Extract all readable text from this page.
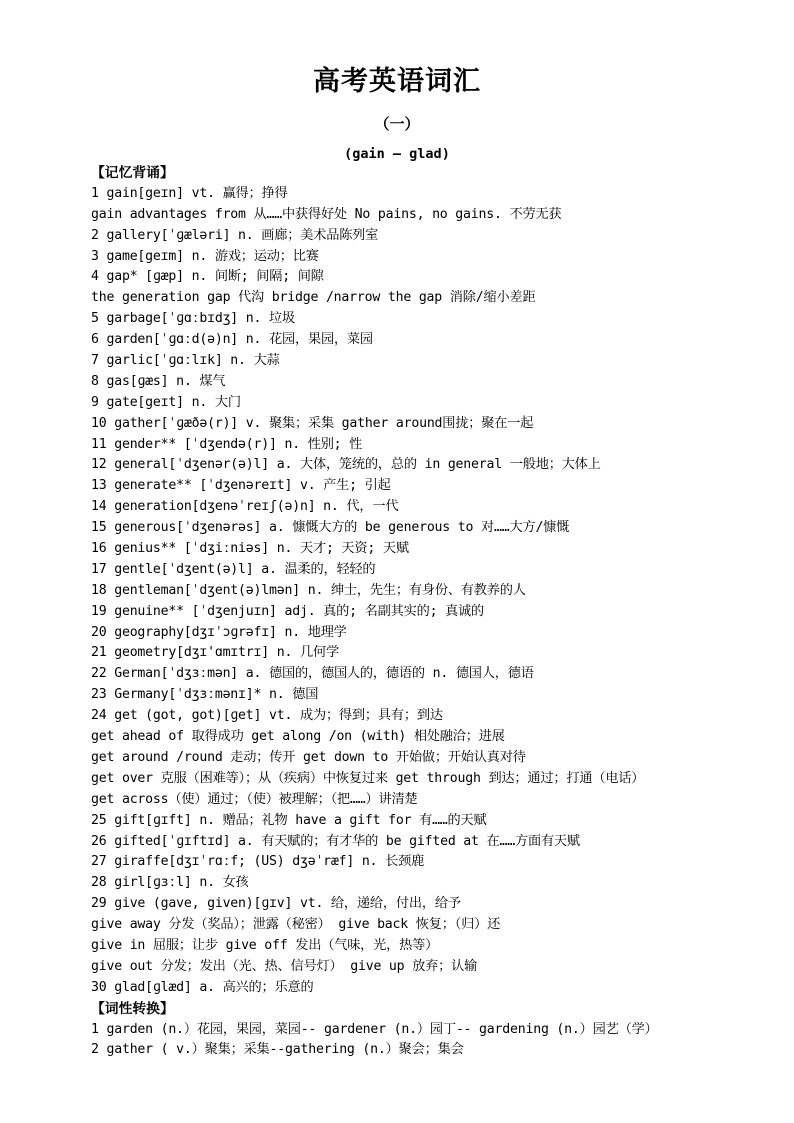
高考英语词汇
（一）
(gain — glad)
【记忆背诵】
1 gain[geɪn] vt. 赢得；挣得
gain advantages from 从……中获得好处 No pains, no gains. 不劳无获
2 gallery[ˈɡæləri] n. 画廊；美术品陈列室
3 game[geɪm] n. 游戏；运动；比赛
4 gap* [ɡæp] n. 间断; 间隔; 间隙
the generation gap 代沟 bridge /narrow the gap 消除/缩小差距
5 garbage[ˈɡɑːbɪdʒ] n. 垃圾
6 garden[ˈɡɑːd(ə)n] n. 花园，果园，菜园
7 garlic[ˈɡɑːlɪk] n. 大蒜
8 gas[ɡæs] n. 煤气
9 gate[geɪt] n. 大门
10 gather[ˈɡæðə(r)] v. 聚集；采集 gather around围拢；聚在一起
11 gender** [ˈdʒendə(r)] n. 性别; 性
12 general[ˈdʒenər(ə)l] a. 大体，笼统的，总的 in general 一般地；大体上
13 generate** [ˈdʒenəreɪt] v. 产生; 引起
14 generation[dʒenəˈreɪʃ(ə)n] n. 代，一代
15 generous[ˈdʒenərəs] a. 慷慨大方的 be generous to 对……大方/慷慨
16 genius** [ˈdʒiːniəs] n. 天才; 天资; 天赋
17 gentle[ˈdʒent(ə)l] a. 温柔的，轻轻的
18 gentleman[ˈdʒent(ə)lmən] n. 绅士，先生；有身份、有教养的人
19 genuine** [ˈdʒenjuɪn] adj. 真的; 名副其实的; 真诚的
20 geography[dʒɪˈɔɡrəfɪ] n. 地理学
21 geometry[dʒɪ'ɑmɪtrɪ] n. 几何学
22 German[ˈdʒɜːmən] a. 德国的，德国人的，德语的 n. 德国人，德语
23 Germany[ˈdʒɜːmənɪ]* n. 德国
24 get (got, got)[ɡet] vt. 成为；得到；具有；到达
get ahead of 取得成功 get along /on (with) 相处融洽；进展
get around /round 走动；传开 get down to 开始做；开始认真对待
get over 克服（困难等）；从（疾病）中恢复过来 get through 到达；通过；打通（电话）
get across（使）通过；（使）被理解；（把……）讲清楚
25 gift[ɡɪft] n. 赠品；礼物 have a gift for 有……的天赋
26 gifted[ˈɡɪftɪd] a. 有天赋的；有才华的 be gifted at 在……方面有天赋
27 giraffe[dʒɪˈrɑːf; (US) dʒəˈræf] n. 长颈鹿
28 girl[ɡɜːl] n. 女孩
29 give (gave, given)[ɡɪv] vt. 给，递给，付出，给予
give away 分发（奖品）；泄露（秘密） give back 恢复；（归）还
give in 屈服；让步 give off 发出（气味，光，热等）
give out 分发；发出（光、热、信号灯） give up 放弃；认输
30 glad[ɡlæd] a. 高兴的；乐意的
【词性转换】
1 garden (n.）花园，果园，菜园-- gardener (n.）园丁-- gardening (n.）园艺（学）
2 gather ( v.）聚集；采集--gathering (n.）聚会；集会
